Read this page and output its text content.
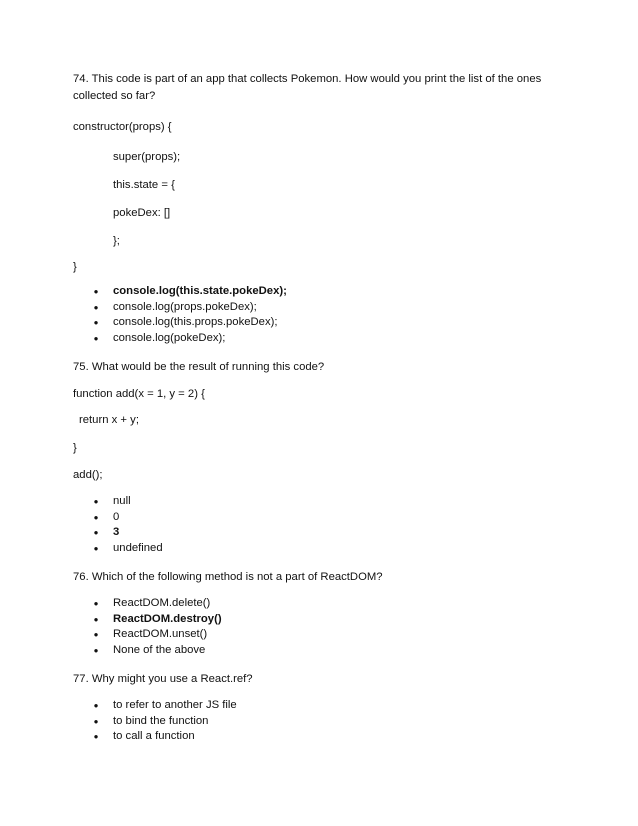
74. This code is part of an app that collects Pokemon. How would you print the list of the ones
collected so far?
constructor(props) {
super(props);
this.state = {
pokeDex: []
};
}
● console.log(this.state.pokeDex);
● console.log(props.pokeDex);
● console.log(this.props.pokeDex);
● console.log(pokeDex);
75. What would be the result of running this code?
function add(x = 1, y = 2) {
return x + y;
}
add();
● null
● 0
● 3
● undefined
76. Which of the following method is not a part of ReactDOM?
● ReactDOM.delete()
● ReactDOM.destroy()
● ReactDOM.unset()
● None of the above
77. Why might you use a React.ref?
● to refer to another JS file
● to bind the function
● to call a function
